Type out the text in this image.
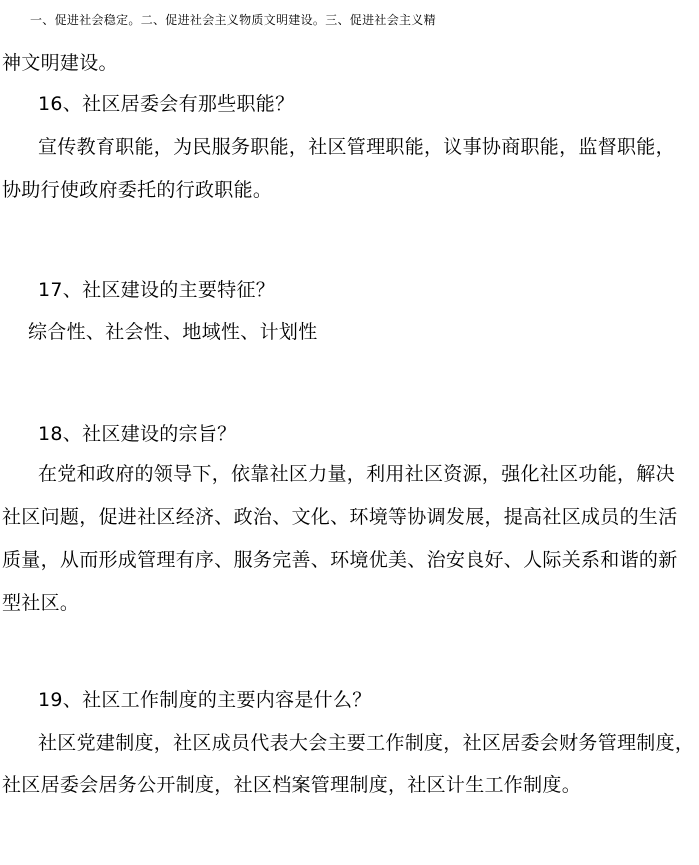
一、促进社会稳定。二、促进社会主义物质文明建设。三、促进社会主义精
神文明建设。
16、社区居委会有那些职能？
宣传教育职能，为民服务职能，社区管理职能，议事协商职能，监督职能，
协助行使政府委托的行政职能。
17、社区建设的主要特征？
综合性、社会性、地域性、计划性
18、社区建设的宗旨？
在党和政府的领导下，依靠社区力量，利用社区资源，强化社区功能，解决
社区问题，促进社区经济、政治、文化、环境等协调发展，提高社区成员的生活
质量，从而形成管理有序、服务完善、环境优美、治安良好、人际关系和谐的新
型社区。
19、社区工作制度的主要内容是什么？
社区党建制度，社区成员代表大会主要工作制度，社区居委会财务管理制度，
社区居委会居务公开制度，社区档案管理制度，社区计生工作制度。
